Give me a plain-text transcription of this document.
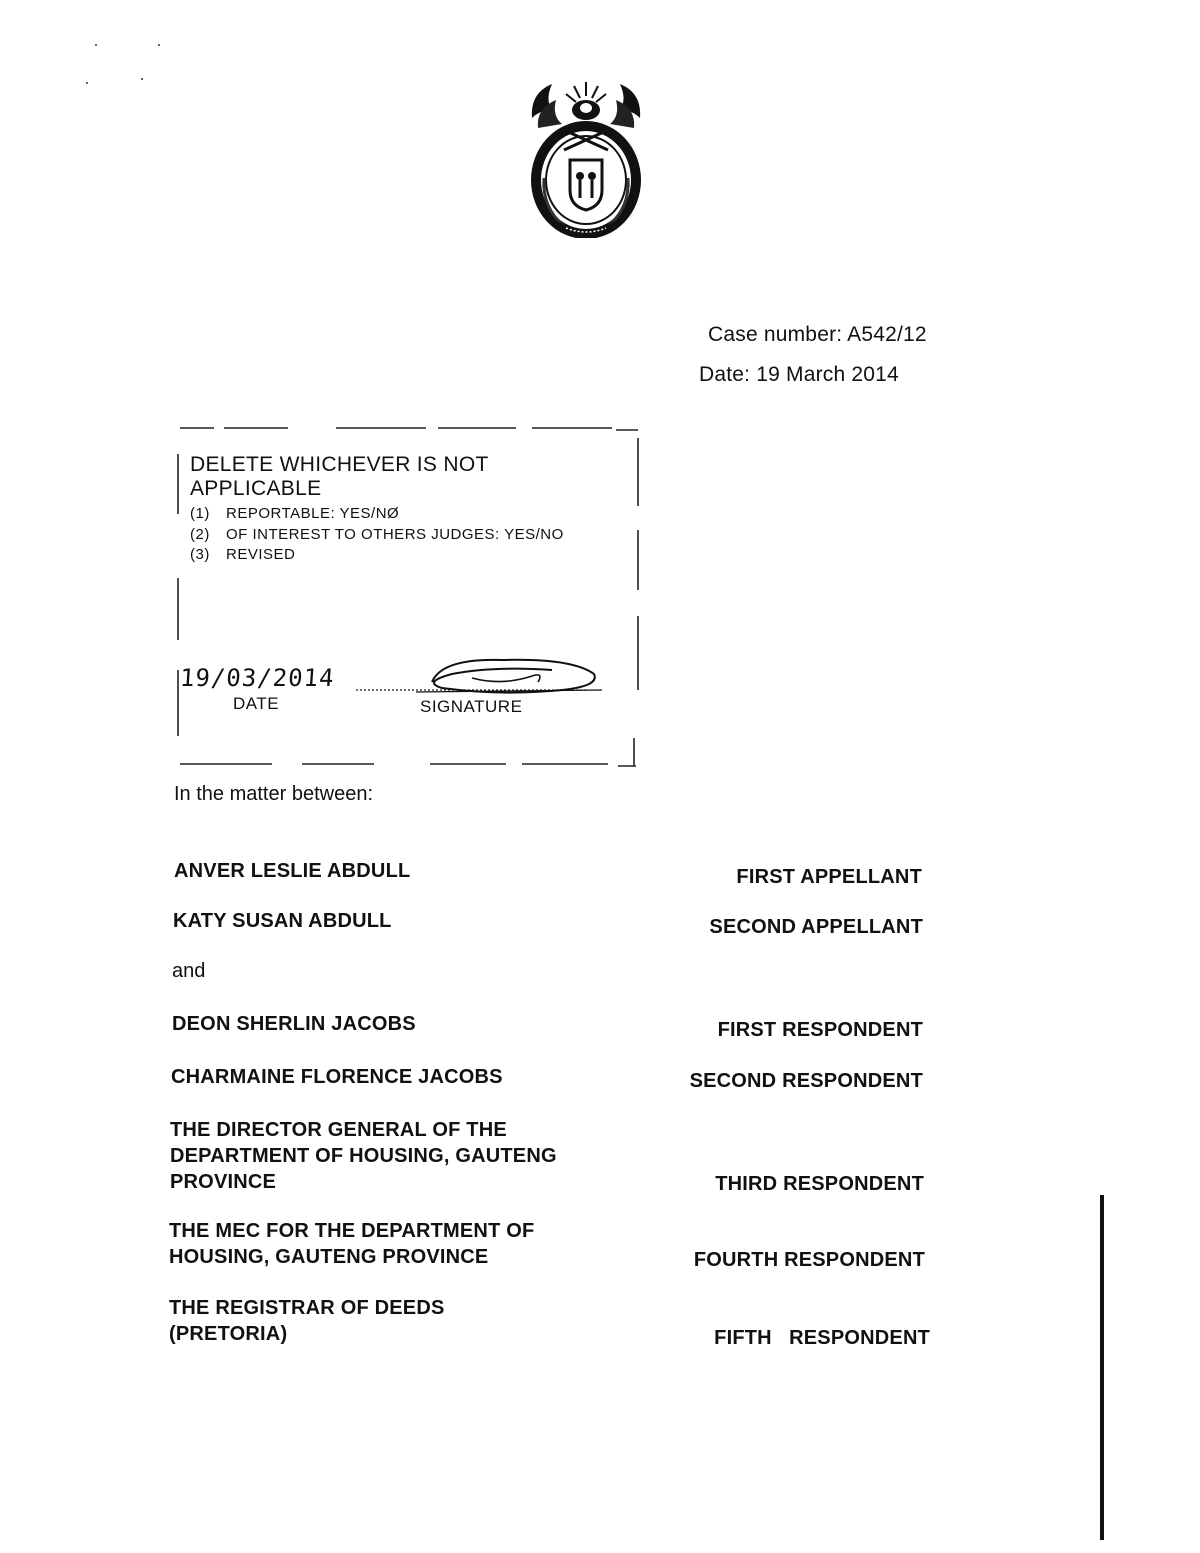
Case number: A542/12
Date: 19 March 2014
DELETE WHICHEVER IS NOT
APPLICABLE
(1) REPORTABLE: YES/NØ
(2) OF INTEREST TO OTHERS JUDGES: YES/NO
(3) REVISED
19/03/2014
DATE	SIGNATURE
In the matter between:
ANVER LESLIE ABDULL	FIRST APPELLANT
KATY SUSAN ABDULL	SECOND APPELLANT
and
DEON SHERLIN JACOBS	FIRST RESPONDENT
CHARMAINE FLORENCE JACOBS	SECOND RESPONDENT
THE DIRECTOR GENERAL OF THE
DEPARTMENT OF HOUSING, GAUTENG
PROVINCE	THIRD RESPONDENT
THE MEC FOR THE DEPARTMENT OF
HOUSING, GAUTENG PROVINCE	FOURTH RESPONDENT
THE REGISTRAR OF DEEDS
(PRETORIA)	FIFTH   RESPONDENT
